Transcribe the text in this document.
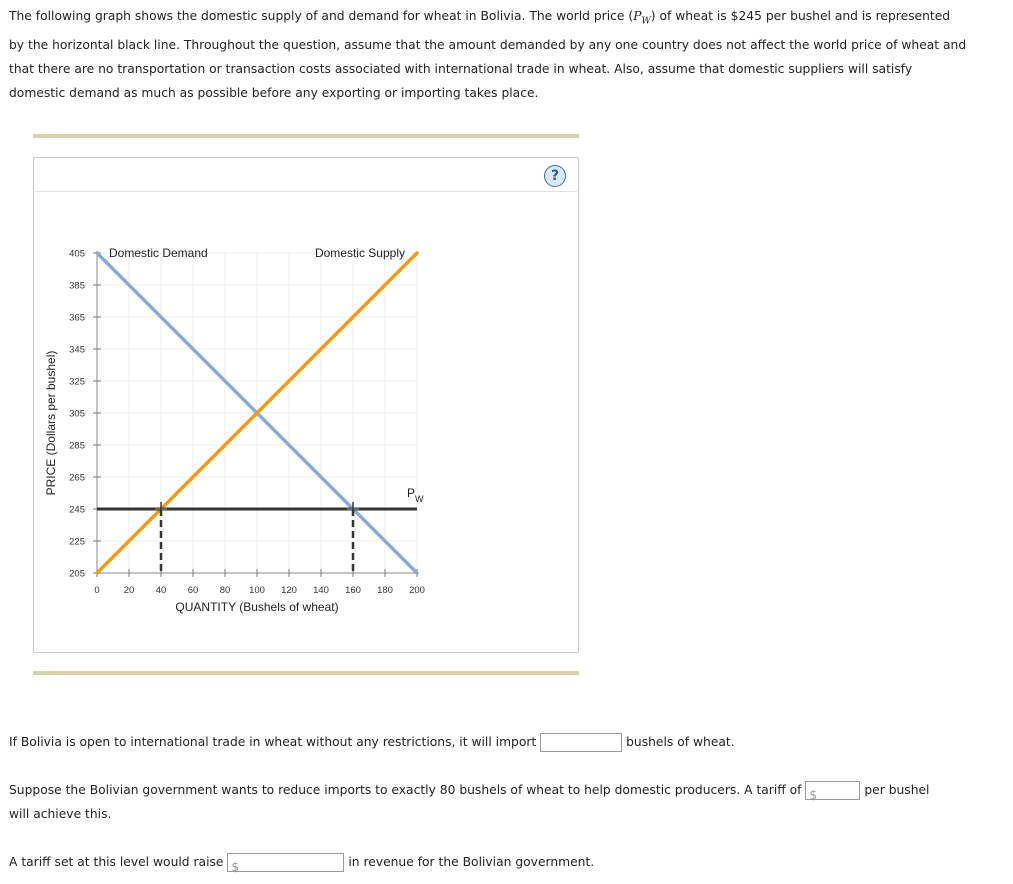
The following graph shows the domestic supply of and demand for wheat in Bolivia. The world price $(P_W)$ of wheat is $245 per bushel and is represented by the horizontal black line. Throughout the question, assume that the amount demanded by any one country does not affect the world price of wheat and that there are no transportation or transaction costs associated with international trade in wheat. Also, assume that domestic suppliers will satisfy domestic demand as much as possible before any exporting or importing takes place.

?
205
225
245
265
285
305
325
345
365
385
405
0	20 40 60 80 100 120 140 160 180 200
QUANTITY (Bushels of wheat)
PRICE (Dollars per bushel)
Domestic Demand	Domestic Supply
$P_W$

If Bolivia is open to international trade in wheat without any restrictions, it will import	bushels of wheat.

Suppose the Bolivian government wants to reduce imports to exactly 80 bushels of wheat to help domestic producers. A tariff of $	per bushel
will achieve this.

A tariff set at this level would raise $	in revenue for the Bolivian government.
